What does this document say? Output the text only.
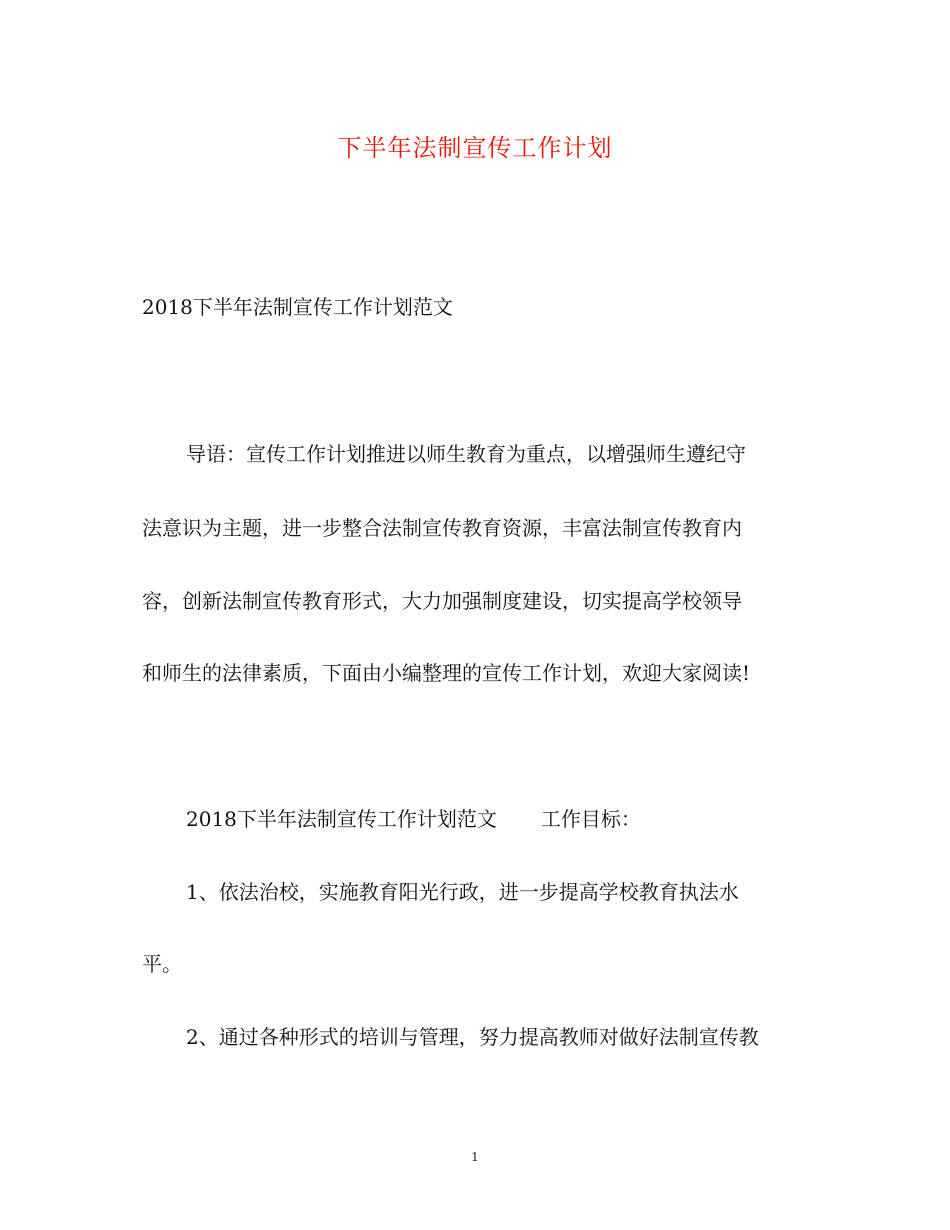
下半年法制宣传工作计划
2018下半年法制宣传工作计划范文
导语：宣传工作计划推进以师生教育为重点，以增强师生遵纪守
法意识为主题，进一步整合法制宣传教育资源，丰富法制宣传教育内
容，创新法制宣传教育形式，大力加强制度建设，切实提高学校领导
和师生的法律素质，下面由小编整理的宣传工作计划，欢迎大家阅读!
2018下半年法制宣传工作计划范文 工作目标：
1、依法治校，实施教育阳光行政，进一步提高学校教育执法水
平。
2、通过各种形式的培训与管理，努力提高教师对做好法制宣传教
1
